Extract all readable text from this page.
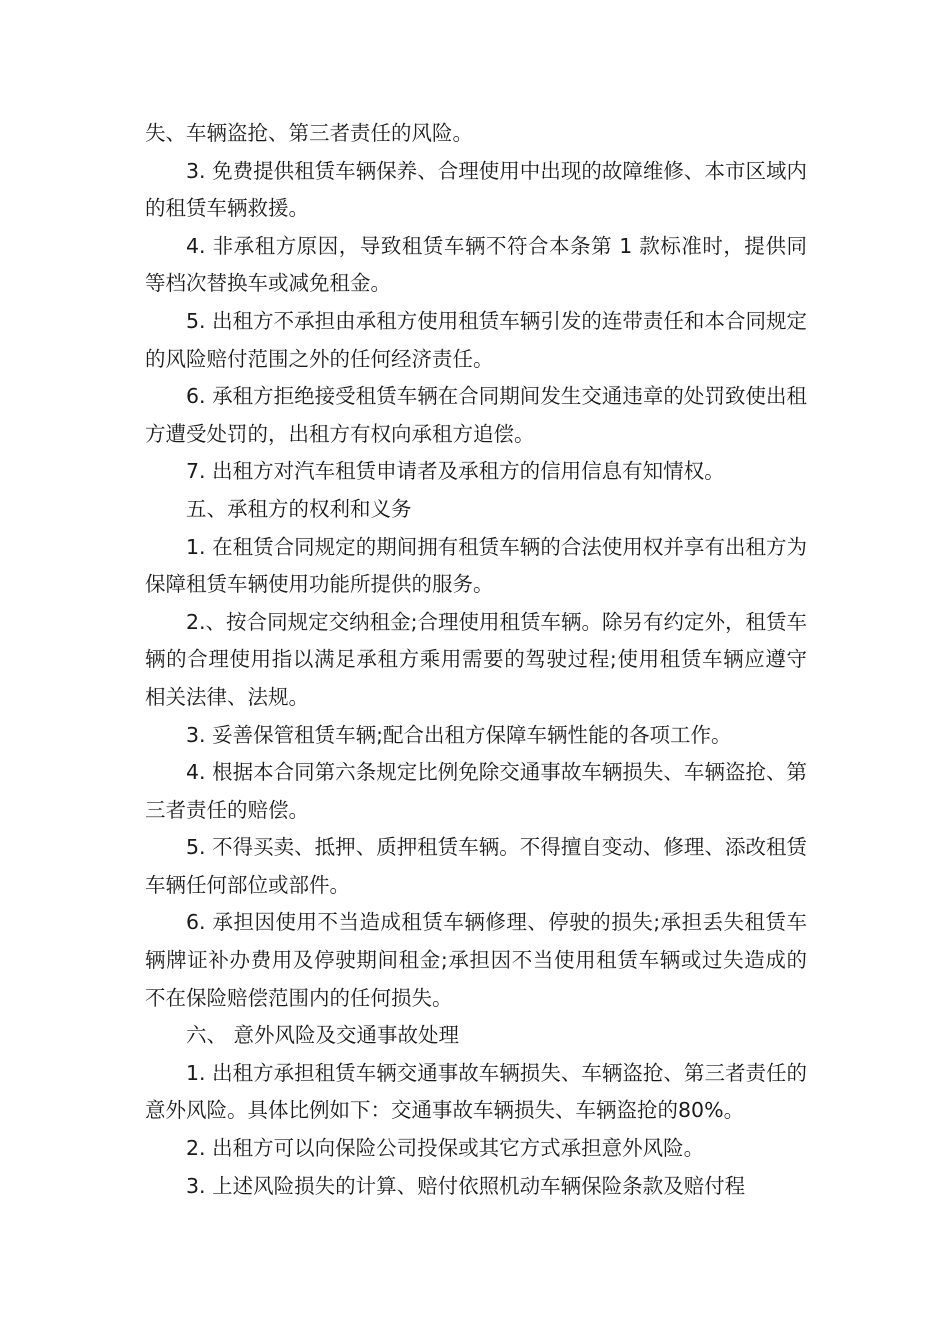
失、车辆盗抢、第三者责任的风险。

3. 免费提供租赁车辆保养、合理使用中出现的故障维修、本市区域内的租赁车辆救援。

4. 非承租方原因，导致租赁车辆不符合本条第 1 款标准时，提供同等档次替换车或减免租金。

5. 出租方不承担由承租方使用租赁车辆引发的连带责任和本合同规定的风险赔付范围之外的任何经济责任。

6. 承租方拒绝接受租赁车辆在合同期间发生交通违章的处罚致使出租方遭受处罚的，出租方有权向承租方追偿。

7. 出租方对汽车租赁申请者及承租方的信用信息有知情权。

五、承租方的权利和义务

1. 在租赁合同规定的期间拥有租赁车辆的合法使用权并享有出租方为保障租赁车辆使用功能所提供的服务。

2.、按合同规定交纳租金;合理使用租赁车辆。除另有约定外，租赁车辆的合理使用指以满足承租方乘用需要的驾驶过程;使用租赁车辆应遵守相关法律、法规。

3. 妥善保管租赁车辆;配合出租方保障车辆性能的各项工作。

4. 根据本合同第六条规定比例免除交通事故车辆损失、车辆盗抢、第三者责任的赔偿。

5. 不得买卖、抵押、质押租赁车辆。不得擅自变动、修理、添改租赁车辆任何部位或部件。

6. 承担因使用不当造成租赁车辆修理、停驶的损失;承担丢失租赁车辆牌证补办费用及停驶期间租金;承担因不当使用租赁车辆或过失造成的不在保险赔偿范围内的任何损失。

六、 意外风险及交通事故处理

1. 出租方承担租赁车辆交通事故车辆损失、车辆盗抢、第三者责任的意外风险。具体比例如下：交通事故车辆损失、车辆盗抢的80%。

2. 出租方可以向保险公司投保或其它方式承担意外风险。

3. 上述风险损失的计算、赔付依照机动车辆保险条款及赔付程
